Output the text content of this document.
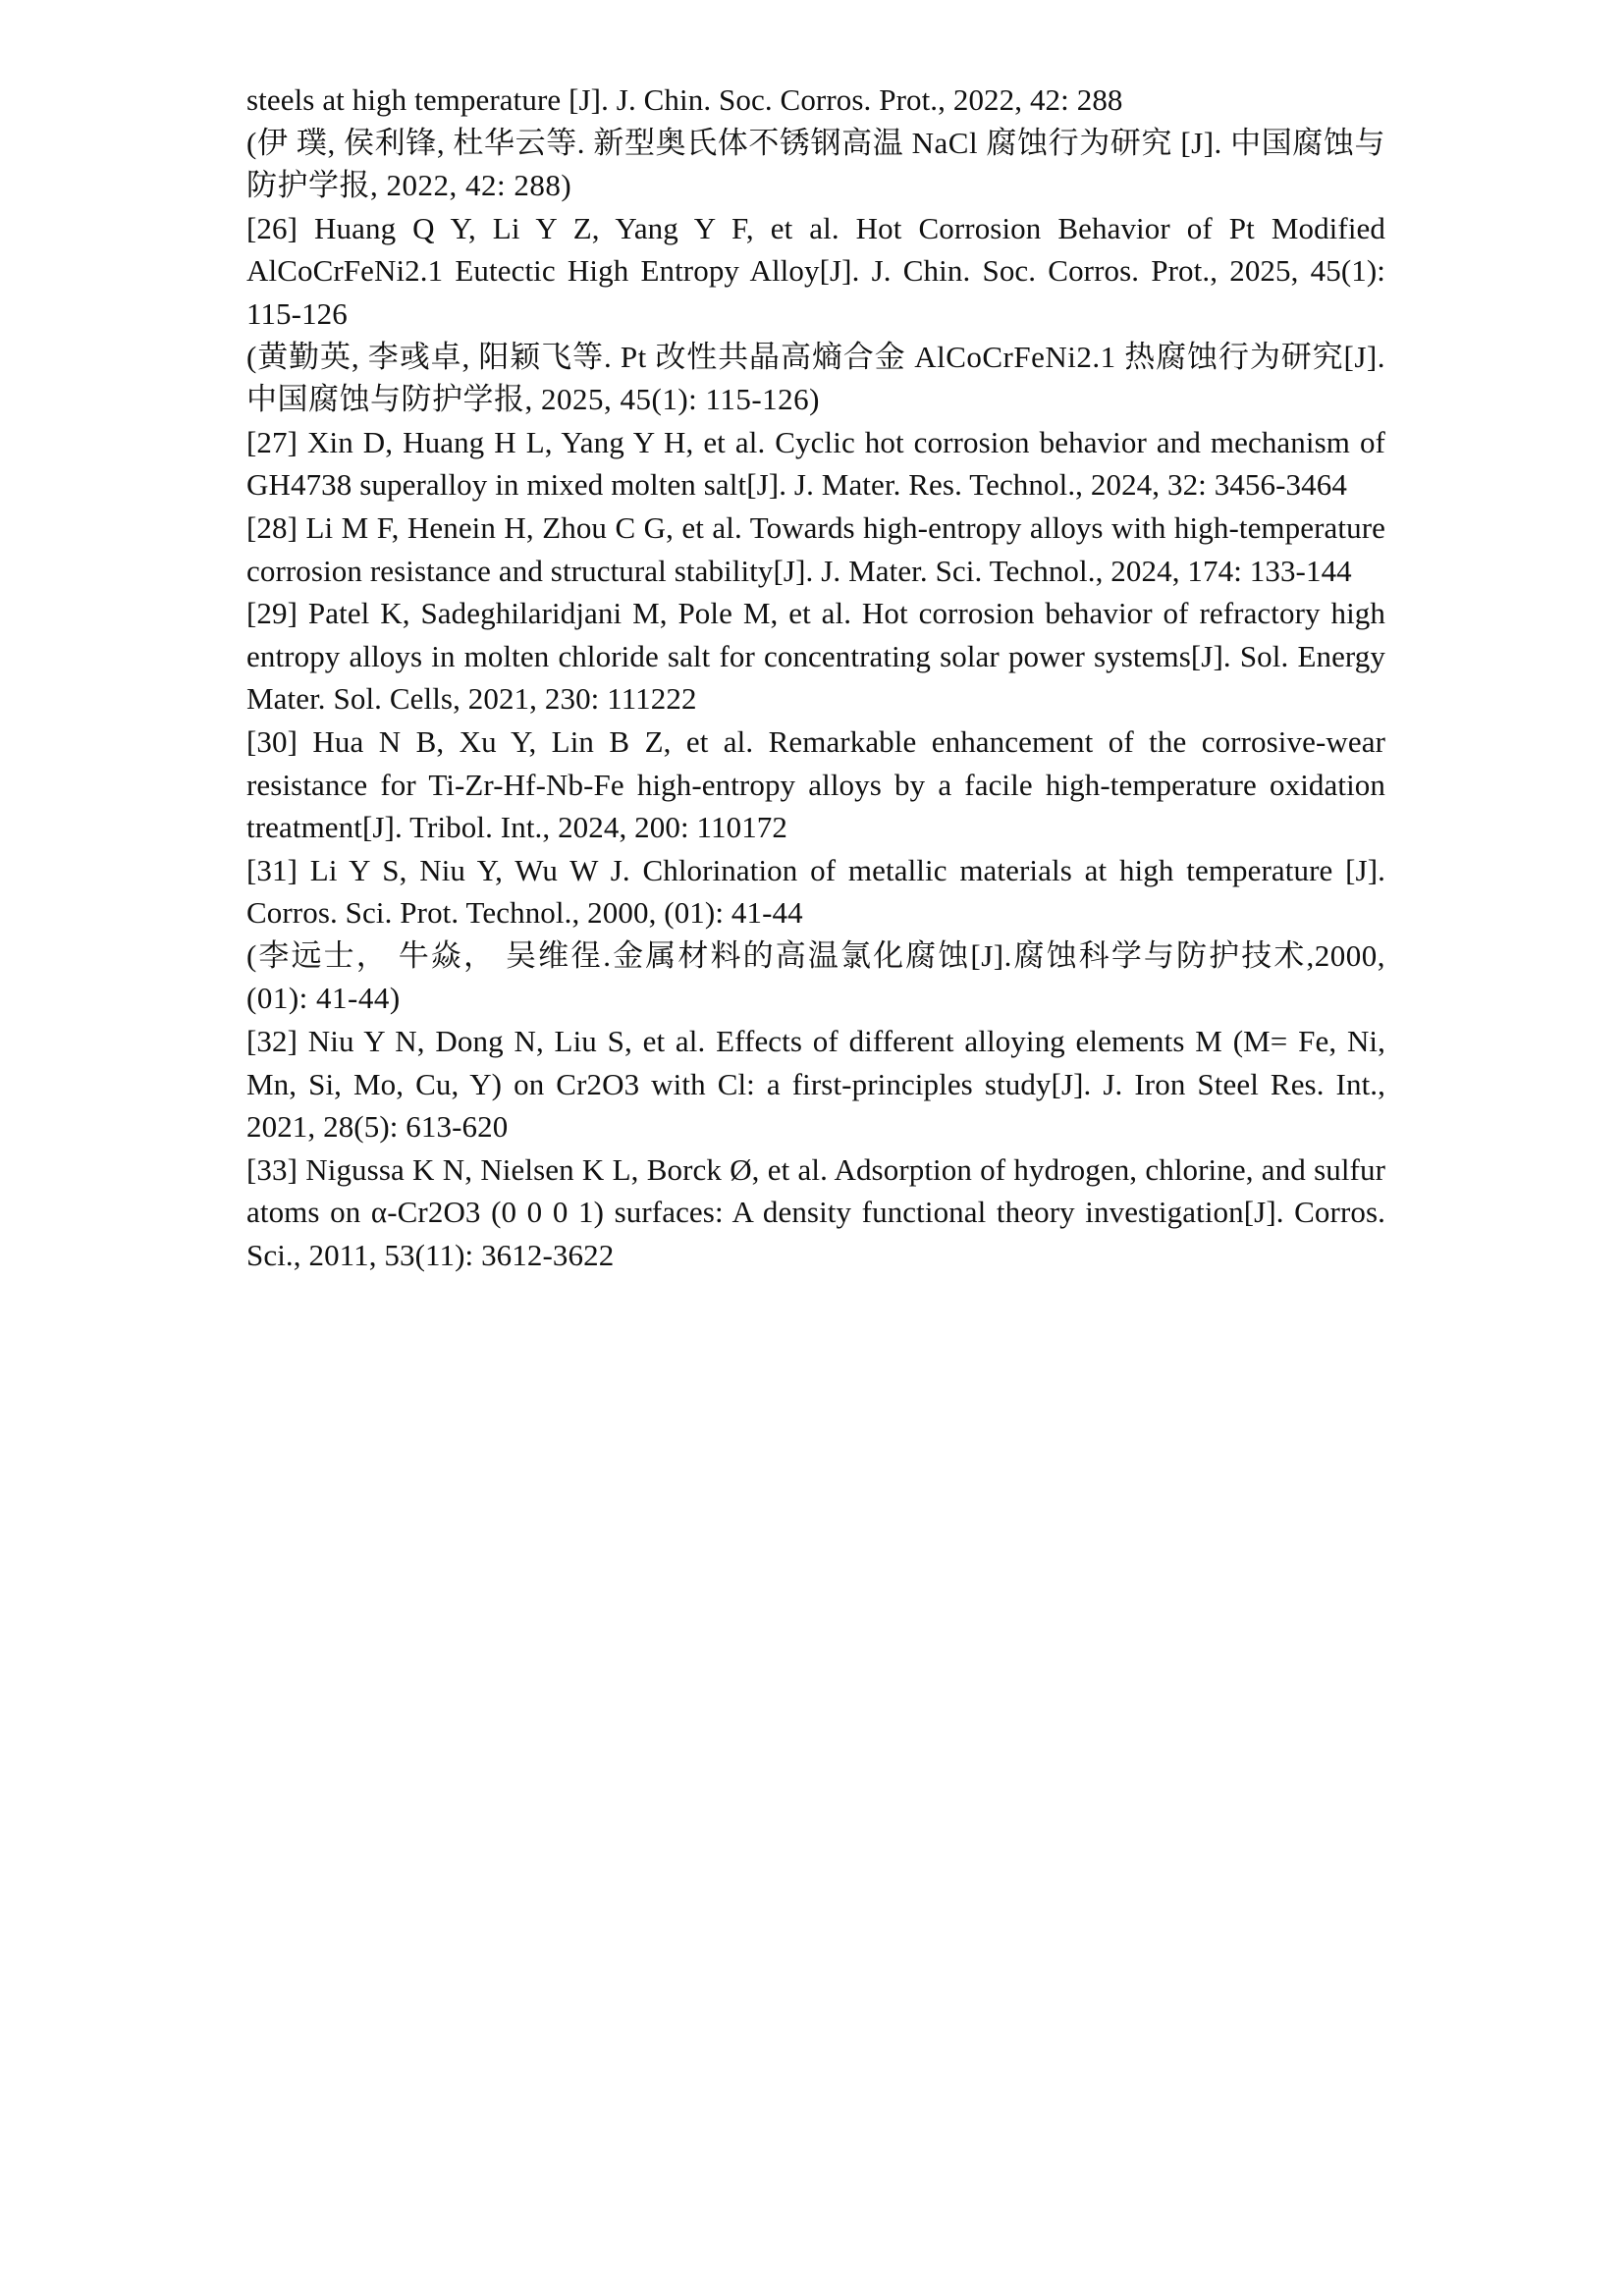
steels at high temperature [J]. J. Chin. Soc. Corros. Prot., 2022, 42: 288

(伊 璞, 侯利锋, 杜华云等. 新型奥氏体不锈钢高温 NaCl 腐蚀行为研究 [J]. 中国腐蚀与防护学报, 2022, 42: 288)

[26] Huang Q Y, Li Y Z, Yang Y F, et al. Hot Corrosion Behavior of Pt Modified AlCoCrFeNi2.1 Eutectic High Entropy Alloy[J]. J. Chin. Soc. Corros. Prot., 2025, 45(1): 115-126

(黄勤英, 李彧卓, 阳颖飞等. Pt 改性共晶高熵合金 AlCoCrFeNi2.1 热腐蚀行为研究[J]. 中国腐蚀与防护学报, 2025, 45(1): 115-126)

[27] Xin D, Huang H L, Yang Y H, et al. Cyclic hot corrosion behavior and mechanism of GH4738 superalloy in mixed molten salt[J]. J. Mater. Res. Technol., 2024, 32: 3456-3464

[28] Li M F, Henein H, Zhou C G, et al. Towards high-entropy alloys with high-temperature corrosion resistance and structural stability[J]. J. Mater. Sci. Technol., 2024, 174: 133-144

[29] Patel K, Sadeghilaridjani M, Pole M, et al. Hot corrosion behavior of refractory high entropy alloys in molten chloride salt for concentrating solar power systems[J]. Sol. Energy Mater. Sol. Cells, 2021, 230: 111222

[30] Hua N B, Xu Y, Lin B Z, et al. Remarkable enhancement of the corrosive-wear resistance for Ti-Zr-Hf-Nb-Fe high-entropy alloys by a facile high-temperature oxidation treatment[J]. Tribol. Int., 2024, 200: 110172

[31] Li Y S, Niu Y, Wu W J. Chlorination of metallic materials at high temperature [J]. Corros. Sci. Prot. Technol., 2000, (01): 41-44

(李远士， 牛焱， 吴维徎.金属材料的高温氯化腐蚀[J].腐蚀科学与防护技术,2000,(01): 41-44)

[32] Niu Y N, Dong N, Liu S, et al. Effects of different alloying elements M (M= Fe, Ni, Mn, Si, Mo, Cu, Y) on Cr2O3 with Cl: a first-principles study[J]. J. Iron Steel Res. Int., 2021, 28(5): 613-620

[33] Nigussa K N, Nielsen K L, Borck Ø, et al. Adsorption of hydrogen, chlorine, and sulfur atoms on α-Cr2O3 (0 0 0 1) surfaces: A density functional theory investigation[J]. Corros. Sci., 2011, 53(11): 3612-3622
